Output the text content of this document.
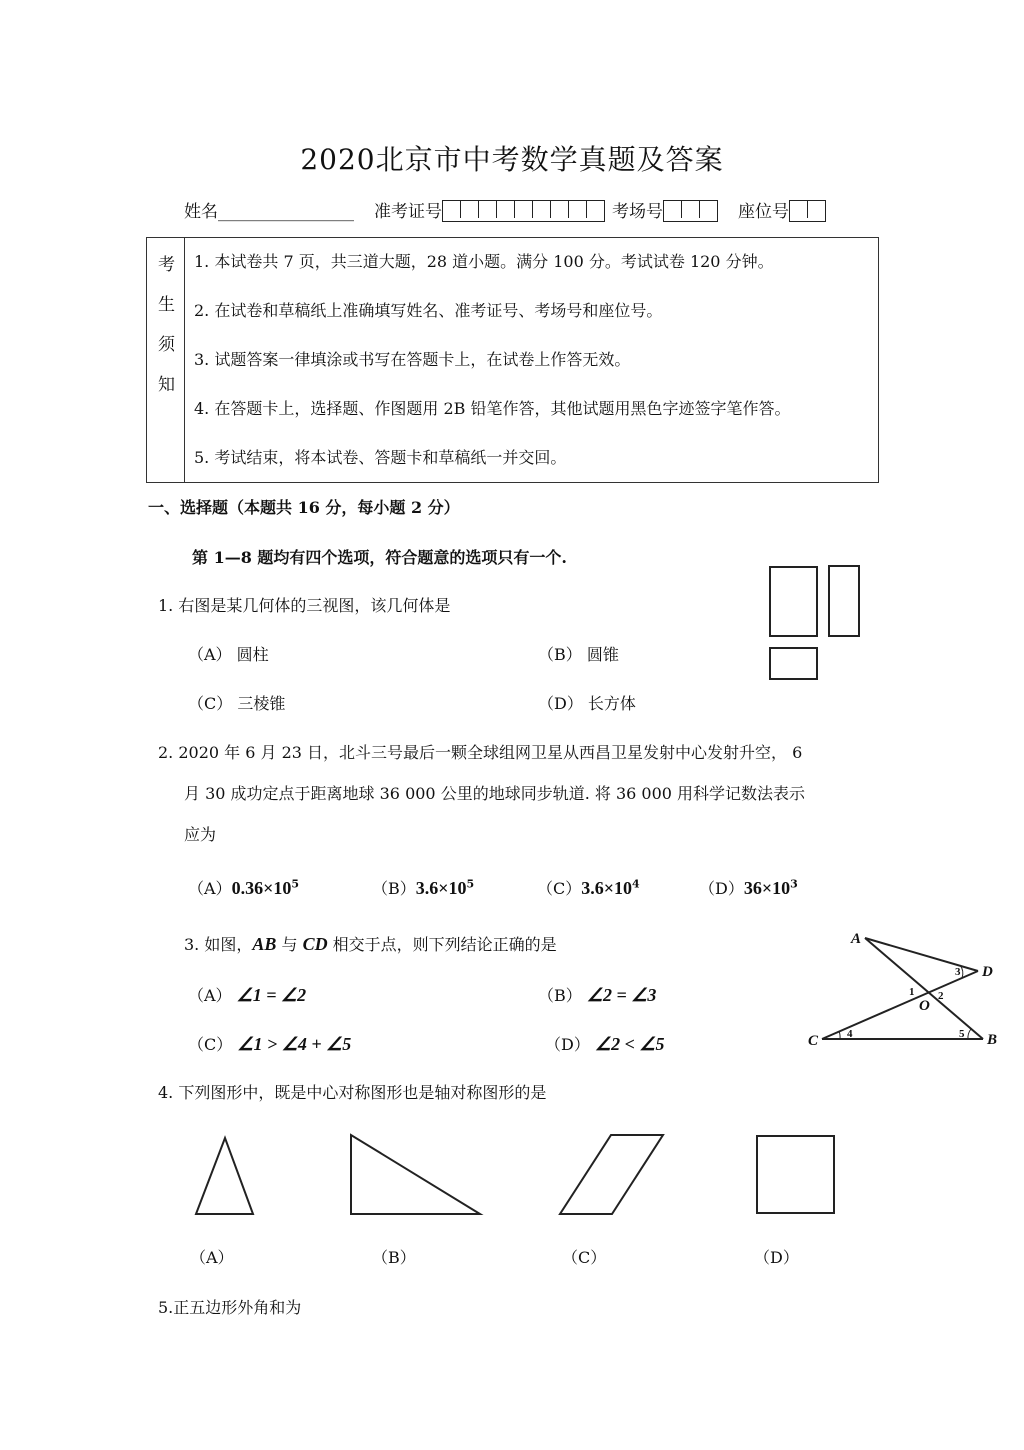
2020北京市中考数学真题及答案
姓名________________ 准考证号	考场号	座位号
考
生
须
知
1. 本试卷共 7 页，共三道大题，28 道小题。满分 100 分。考试试卷 120 分钟。
2. 在试卷和草稿纸上准确填写姓名、准考证号、考场号和座位号。
3. 试题答案一律填涂或书写在答题卡上，在试卷上作答无效。
4. 在答题卡上，选择题、作图题用 2B 铅笔作答，其他试题用黑色字迹签字笔作答。
5. 考试结束，将本试卷、答题卡和草稿纸一并交回。
一、选择题（本题共 16 分，每小题 2 分）
第 1—8 题均有四个选项，符合题意的选项只有一个.
1. 右图是某几何体的三视图，该几何体是
（A） 圆柱	（B） 圆锥
（C） 三棱锥	（D） 长方体
2. 2020 年 6 月 23 日，北斗三号最后一颗全球组网卫星从西昌卫星发射中心发射升空， 6
月 30 成功定点于距离地球 36 000 公里的地球同步轨道. 将 36 000 用科学记数法表示
应为
$(A)0.36\times 10^5$	$(B)3.6\times 10^5$	$(C)3.6\times 10^4$	$(D)36\times 10^3$
3. 如图，AB 与 CD 相交于点，则下列结论正确的是
（A） ∠1 = ∠2	（B） ∠2 = ∠3
（C） ∠1 > ∠4 + ∠5	（D） ∠2 < ∠5
A
D
O
C	B
1 2
3
4	5
4. 下列图形中，既是中心对称图形也是轴对称图形的是
（A）	（B）	（C）	（D）
5.正五边形外角和为
